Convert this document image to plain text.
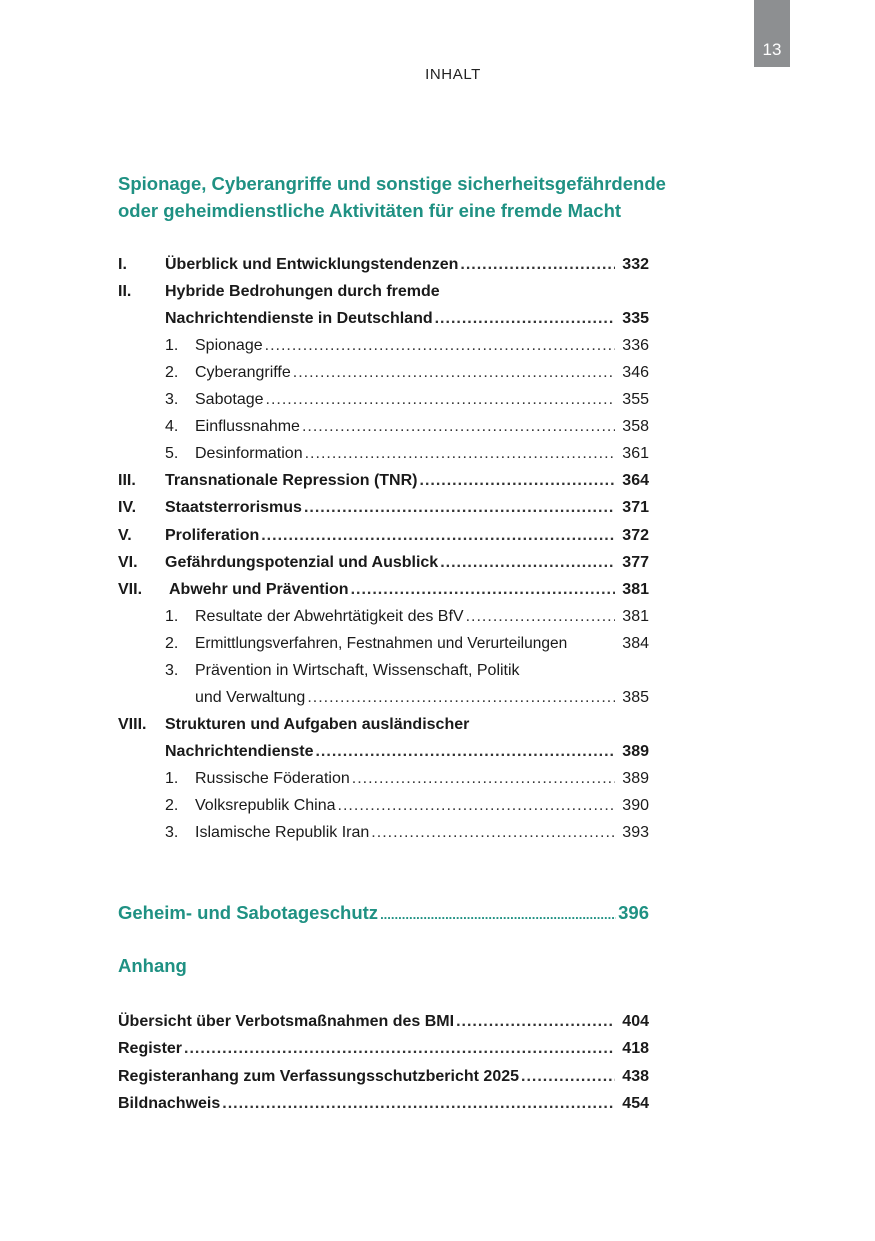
13
INHALT
Spionage, Cyberangriffe und sonstige sicherheitsgefährdende oder geheimdienstliche Aktivitäten für eine fremde Macht
I. Überblick und Entwicklungstendenzen .....	332
II. Hybride Bedrohungen durch fremde
Nachrichtendienste in Deutschland .....	335
1. Spionage .....	336
2. Cyberangriffe .....	346
3. Sabotage .....	355
4. Einflussnahme .....	358
5. Desinformation .....	361
III. Transnationale Repression (TNR) .....	364
IV. Staatsterrorismus .....	371
V. Proliferation .....	372
VI. Gefährdungspotenzial und Ausblick .....	377
VII. Abwehr und Prävention .....	381
1. Resultate der Abwehrtätigkeit des BfV .....	381
2. Ermittlungsverfahren, Festnahmen und Verurteilungen	384
3. Prävention in Wirtschaft, Wissenschaft, Politik
und Verwaltung .....	385
VIII. Strukturen und Aufgaben ausländischer
Nachrichtendienste .....	389
1. Russische Föderation .....	389
2. Volksrepublik China .....	390
3. Islamische Republik Iran .....	393
Geheim- und Sabotageschutz .....	396
Anhang
Übersicht über Verbotsmaßnahmen des BMI .....	404
Register .....	418
Registeranhang zum Verfassungsschutzbericht 2025 .....	438
Bildnachweis .....	454
